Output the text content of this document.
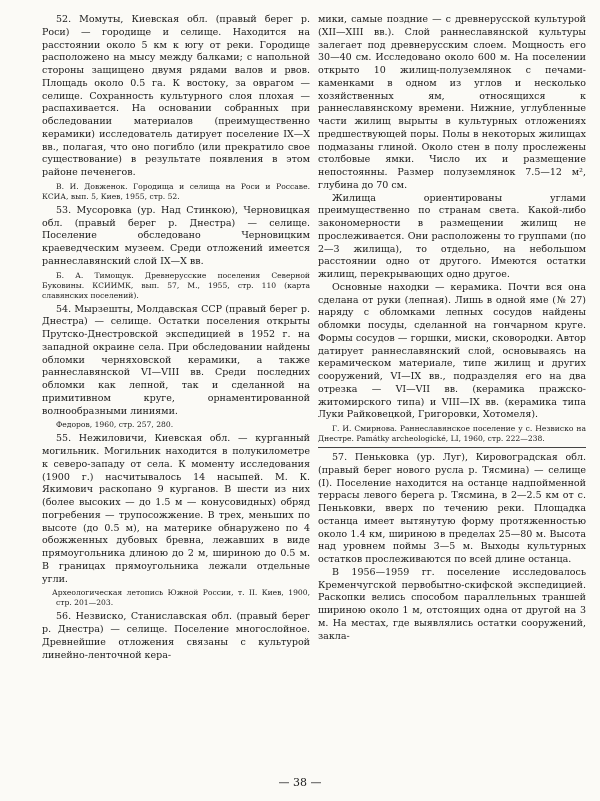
52. Момуты, Киевская обл. (правый берег р. Роси) — городище и селище. Находится на расстоянии около 5 км к югу от реки. Городище расположено на мысу между балками; с напольной стороны защищено двумя рядами валов и рвов. Площадь около 0.5 га. К востоку, за оврагом — селище. Сохранность культурного слоя плохая — распахивается. На основании собранных при обследовании материалов (преимущественно керамики) исследователь датирует поселение IX—X вв., полагая, что оно погибло (или прекратило свое существование) в результате появления в этом районе печенегов.

В. И. Довженок. Городища и селища на Роси и Россаве. КСИА, вып. 5, Киев, 1955, стр. 52.

53. Мусоровка (ур. Над Стинкою), Черновицкая обл. (правый берег р. Днестра) — селище. Поселение обследовано Черновицким краеведческим музеем. Среди отложений имеется раннеславянский слой IX—X вв.

Б. А. Тимощук. Древнерусские поселения Северной Буковины. КСИИМК, вып. 57, М., 1955, стр. 110 (карта славянских поселений).

54. Мырзешты, Молдавская ССР (правый берег р. Днестра) — селище. Остатки поселения открыты Прутско-Днестровской экспедицией в 1952 г. на западной окраине села. При обследовании найдены обломки черняховской керамики, а также раннеславянской VI—VIII вв. Среди последних обломки как лепной, так и сделанной на примитивном круге, орнаментированной волнообразными линиями.

Федоров, 1960, стр. 257, 280.

55. Нежиловичи, Киевская обл. — курганный могильник. Могильник находится в полукилометре к северо-западу от села. К моменту исследования (1900 г.) насчитывалось 14 насыпей. М. К. Якимович раскопано 9 курганов. В шести из них (более высоких — до 1.5 м — конусовидных) обряд погребения — трупосожжение. В трех, меньших по высоте (до 0.5 м), на материке обнаружено по 4 обожженных дубовых бревна, лежавших в виде прямоугольника длиною до 2 м, шириною до 0.5 м. В границах прямоугольника лежали отдельные угли.

Археологическая летопись Южной России, т. II. Киев, 1900, стр. 201—203.

56. Незвиско, Станиславская обл. (правый берег р. Днестра) — селище. Поселение многослойное. Древнейшие отложения связаны с культурой линейно-ленточной кера-

мики, самые поздние — с древнерусской культурой (XII—XIII вв.). Слой раннеславянской культуры залегает под древнерусским слоем. Мощность его 30—40 см. Исследовано около 600 м. На поселении открыто 10 жилищ-полуземлянок с печами-каменками в одном из углов и несколько хозяйственных ям, относящихся к раннеславянскому времени. Нижние, углубленные части жилищ вырыты в культурных отложениях предшествующей поры. Полы в некоторых жилищах подмазаны глиной. Около стен в полу прослежены столбовые ямки. Число их и размещение непостоянны. Размер полуземлянок 7.5—12 м², глубина до 70 см.

Жилища ориентированы углами преимущественно по странам света. Какой-либо закономерности в размещении жилищ не прослеживается. Они расположены то группами (по 2—3 жилища), то отдельно, на небольшом расстоянии одно от другого. Имеются остатки жилищ, перекрывающих одно другое.

Основные находки — керамика. Почти вся она сделана от руки (лепная). Лишь в одной яме (№ 27) наряду с обломками лепных сосудов найдены обломки посуды, сделанной на гончарном круге. Формы сосудов — горшки, миски, сковородки. Автор датирует раннеславянский слой, основываясь на керамическом материале, типе жилищ и других сооружений, VI—IX вв., подразделяя его на два отрезка — VI—VII вв. (керамика пражско-житомирского типа) и VIII—IX вв. (керамика типа Луки Райковецкой, Григоровки, Хотомеля).

Г. И. Смирнова. Раннеславянское поселение у с. Незвиско на Днестре. Památky archeologické, LI, 1960, стр. 222—238.

57. Пеньковка (ур. Луг), Кировоградская обл. (правый берег нового русла р. Тясмина) — селище (I). Поселение находится на останце надпойменной террасы левого берега р. Тясмина, в 2—2.5 км от с. Пеньковки, вверх по течению реки. Площадка останца имеет вытянутую форму протяженностью около 1.4 км, шириною в пределах 25—80 м. Высота над уровнем поймы 3—5 м. Выходы культурных остатков прослеживаются по всей длине останца.

В 1956—1959 гг. поселение исследовалось Кременчугской первобытно-скифской экспедицией. Раскопки велись способом параллельных траншей шириною около 1 м, отстоящих одна от другой на 3 м. На местах, где выявлялись остатки сооружений, закла-

— 38 —
